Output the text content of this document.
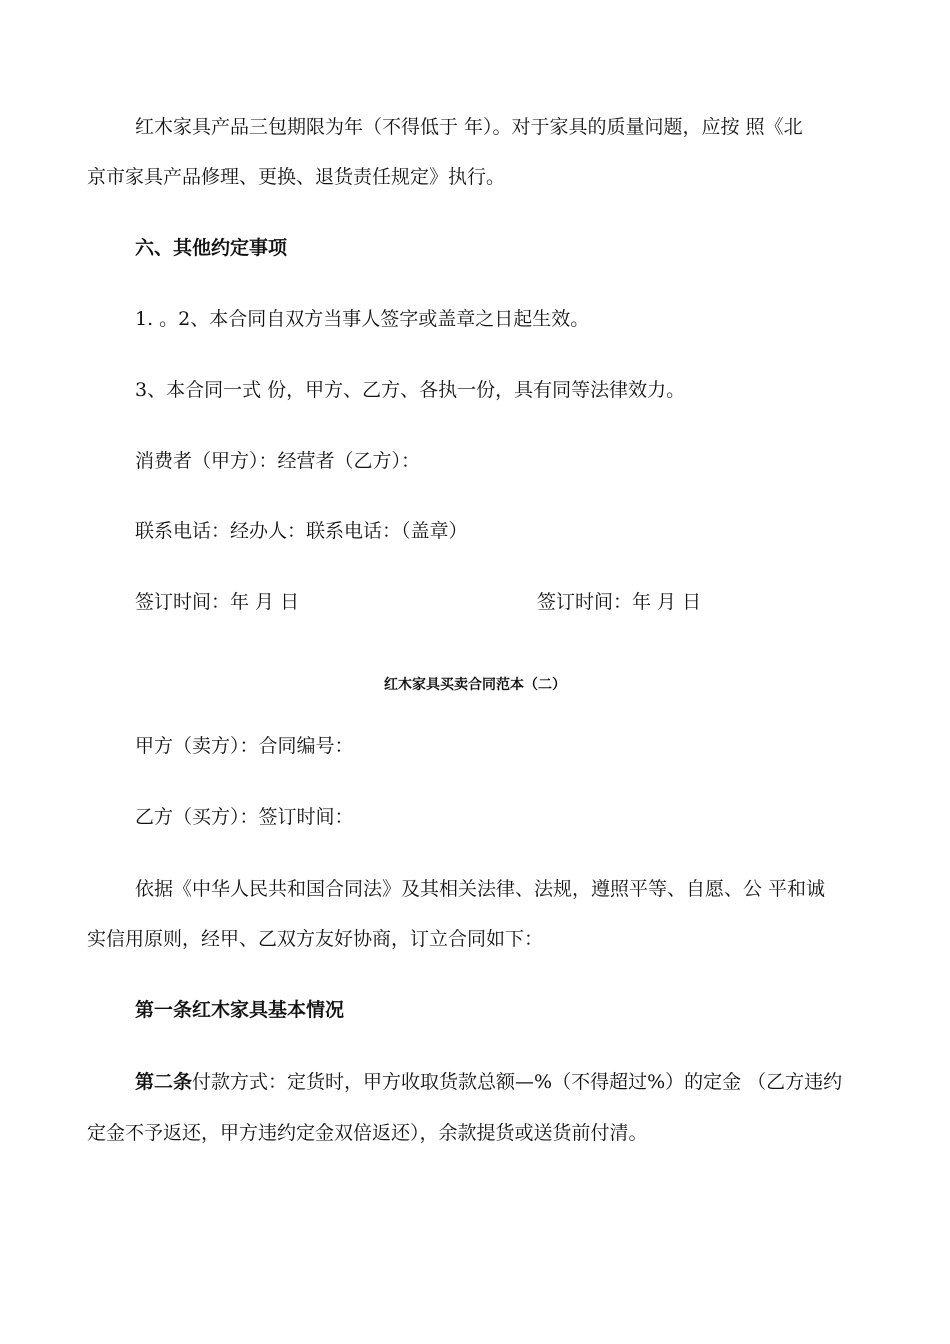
红木家具产品三包期限为年（不得低于 年）。对于家具的质量问题，应按 照《北
京市家具产品修理、更换、退货责任规定》执行。
六、其他约定事项
1. 。2、本合同自双方当事人签字或盖章之日起生效。
3、本合同一式 份，甲方、乙方、各执一份，具有同等法律效力。
消费者（甲方）：经营者（乙方）：
联系电话：经办人：联系电话：（盖章）
签订时间：年 月 日	签订时间：年 月 日
红木家具买卖合同范本（二）
甲方（卖方）：合同编号：
乙方（买方）：签订时间：
依据《中华人民共和国合同法》及其相关法律、法规，遵照平等、自愿、公 平和诚
实信用原则，经甲、乙双方友好协商，订立合同如下：
第一条红木家具基本情况
第二条付款方式：定货时，甲方收取货款总额—%（不得超过%）的定金 （乙方违约
定金不予返还，甲方违约定金双倍返还），余款提货或送货前付清。
